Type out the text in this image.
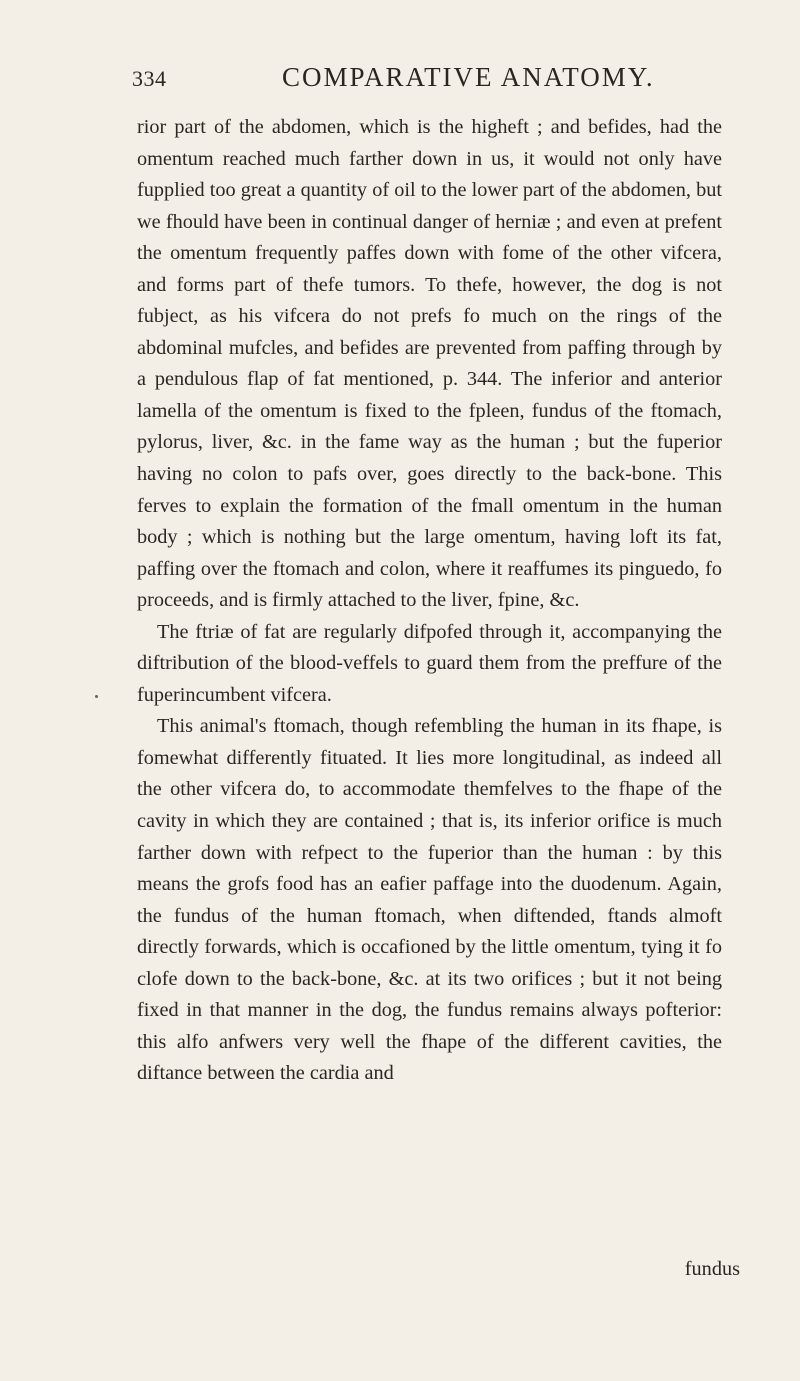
334	COMPARATIVE ANATOMY.

rior part of the abdomen, which is the higheft ; and befides, had the omentum reached much farther down in us, it would not only have fupplied too great a quantity of oil to the lower part of the abdomen, but we fhould have been in continual danger of herniæ ; and even at prefent the omentum frequently paffes down with fome of the other vifcera, and forms part of thefe tumors. To thefe, however, the dog is not fubject, as his vifcera do not prefs fo much on the rings of the abdominal mufcles, and befides are prevented from paffing through by a pendulous flap of fat mentioned, p. 344. The inferior and anterior lamella of the omentum is fixed to the fpleen, fundus of the ftomach, pylorus, liver, &c. in the fame way as the human ; but the fuperior having no colon to pafs over, goes directly to the back-bone. This ferves to explain the formation of the fmall omentum in the human body ; which is nothing but the large omentum, having loft its fat, paffing over the ftomach and colon, where it reaffumes its pinguedo, fo proceeds, and is firmly attached to the liver, fpine, &c.

The ftriæ of fat are regularly difpofed through it, accompanying the diftribution of the blood-veffels to guard them from the preffure of the fuperincumbent vifcera.

This animal's ftomach, though refembling the human in its fhape, is fomewhat differently fituated. It lies more longitudinal, as indeed all the other vifcera do, to accommodate themfelves to the fhape of the cavity in which they are contained ; that is, its inferior orifice is much farther down with refpect to the fuperior than the human : by this means the grofs food has an eafier paffage into the duodenum. Again, the fundus of the human ftomach, when diftended, ftands almoft directly forwards, which is occafioned by the little omentum, tying it fo clofe down to the back-bone, &c. at its two orifices ; but it not being fixed in that manner in the dog, the fundus remains always pofterior: this alfo anfwers very well the fhape of the different cavities, the diftance between the cardia and

fundus
